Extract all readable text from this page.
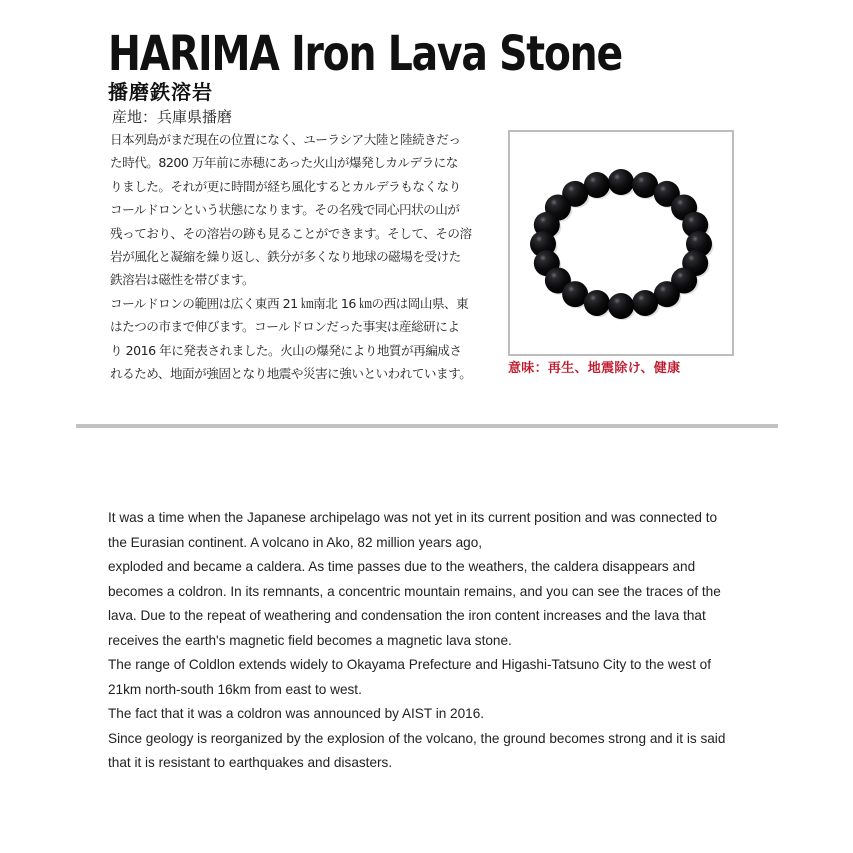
HARIMA Iron Lava Stone
播磨鉄溶岩
産地：兵庫県播磨

日本列島がまだ現在の位置になく、ユーラシア大陸と陸続きだっ

た時代。8200 万年前に赤穂にあった火山が爆発しカルデラにな

りました。それが更に時間が経ち風化するとカルデラもなくなり

コールドロンという状態になります。その名残で同心円状の山が

残っており、その溶岩の跡も見ることができます。そして、その溶

岩が風化と凝縮を繰り返し、鉄分が多くなり地球の磁場を受けた

鉄溶岩は磁性を帯びます。

コールドロンの範囲は広く東西 21 ㎞南北 16 ㎞の西は岡山県、東

はたつの市まで伸びます。コールドロンだった事実は産総研によ

り 2016 年に発表されました。火山の爆発により地質が再編成さ

れるため、地面が強固となり地震や災害に強いといわれています。	意味：再生、地震除け、健康

It was a time when the Japanese archipelago was not yet in its current position and was connected to

the Eurasian continent. A volcano in Ako, 82 million years ago,

exploded and became a caldera. As time passes due to the weathers, the caldera disappears and

becomes a coldron. In its remnants, a concentric mountain remains, and you can see the traces of the

lava. Due to the repeat of weathering and condensation the iron content increases and the lava that

receives the earth's magnetic field becomes a magnetic lava stone.

The range of Coldlon extends widely to Okayama Prefecture and Higashi-Tatsuno City to the west of

21km north-south 16km from east to west.

The fact that it was a coldron was announced by AIST in 2016.

Since geology is reorganized by the explosion of the volcano, the ground becomes strong and it is said

that it is resistant to earthquakes and disasters.
